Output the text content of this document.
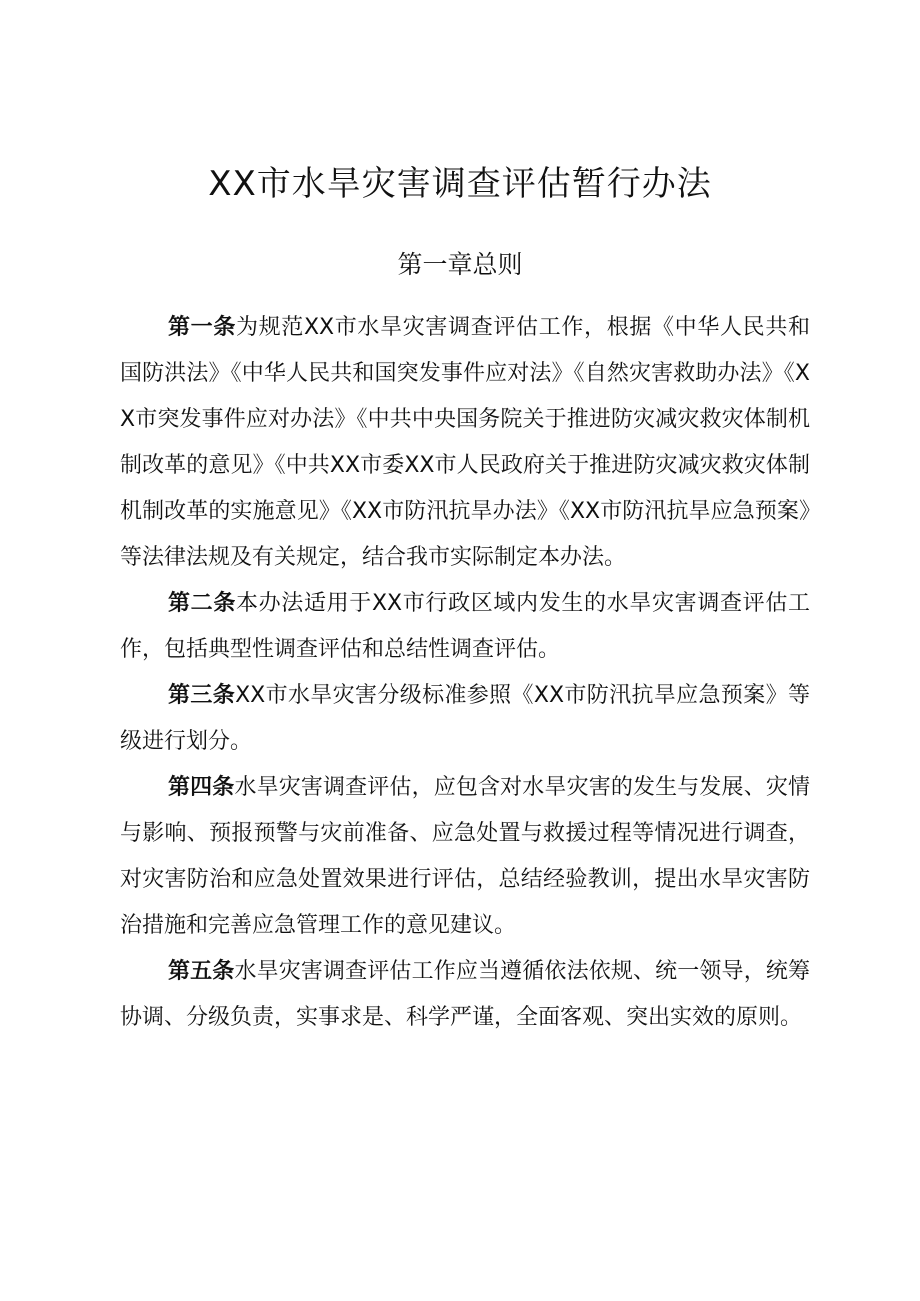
XX市水旱灾害调查评估暂行办法
第一章总则

第一条为规范XX市水旱灾害调查评估工作，根据《中华人民共和国防洪法》《中华人民共和国突发事件应对法》《自然灾害救助办法》《XX市突发事件应对办法》《中共中央国务院关于推进防灾减灾救灾体制机制改革的意见》《中共XX市委XX市人民政府关于推进防灾减灾救灾体制机制改革的实施意见》《XX市防汛抗旱办法》《XX市防汛抗旱应急预案》等法律法规及有关规定，结合我市实际制定本办法。

第二条本办法适用于XX市行政区域内发生的水旱灾害调查评估工作，包括典型性调查评估和总结性调查评估。

第三条XX市水旱灾害分级标准参照《XX市防汛抗旱应急预案》等级进行划分。

第四条水旱灾害调查评估，应包含对水旱灾害的发生与发展、灾情与影响、预报预警与灾前准备、应急处置与救援过程等情况进行调查，对灾害防治和应急处置效果进行评估，总结经验教训，提出水旱灾害防治措施和完善应急管理工作的意见建议。

第五条水旱灾害调查评估工作应当遵循依法依规、统一领导，统筹协调、分级负责，实事求是、科学严谨，全面客观、突出实效的原则。
